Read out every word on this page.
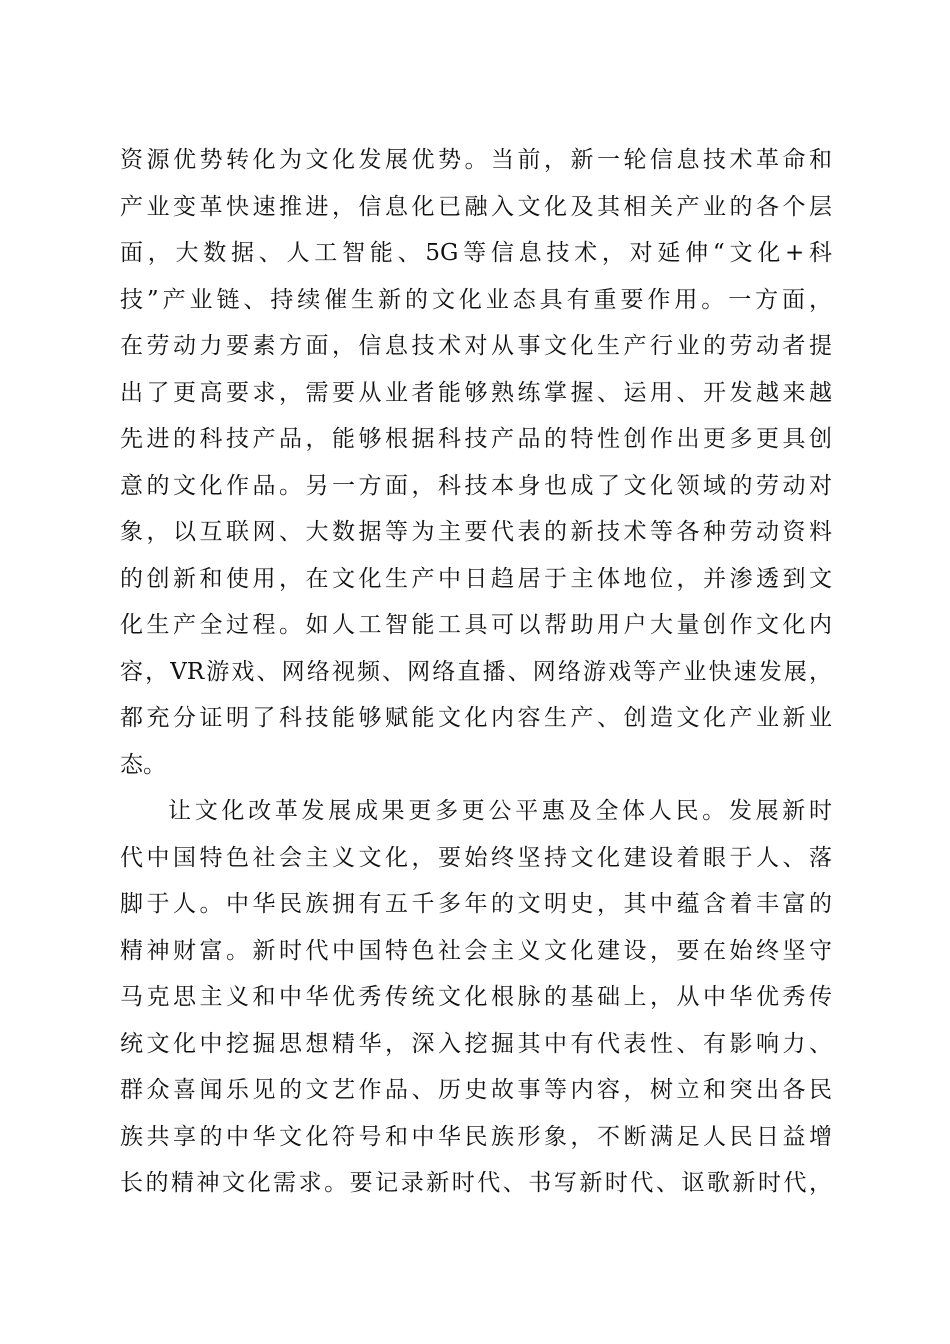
资源优势转化为文化发展优势。当前，新一轮信息技术革命和
产业变革快速推进，信息化已融入文化及其相关产业的各个层
面，大数据、人工智能、5G等信息技术，对延伸“文化+科
技”产业链、持续催生新的文化业态具有重要作用。一方面，
在劳动力要素方面，信息技术对从事文化生产行业的劳动者提
出了更高要求，需要从业者能够熟练掌握、运用、开发越来越
先进的科技产品，能够根据科技产品的特性创作出更多更具创
意的文化作品。另一方面，科技本身也成了文化领域的劳动对
象，以互联网、大数据等为主要代表的新技术等各种劳动资料
的创新和使用，在文化生产中日趋居于主体地位，并渗透到文
化生产全过程。如人工智能工具可以帮助用户大量创作文化内
容，VR游戏、网络视频、网络直播、网络游戏等产业快速发展，
都充分证明了科技能够赋能文化内容生产、创造文化产业新业
态。
让文化改革发展成果更多更公平惠及全体人民。发展新时
代中国特色社会主义文化，要始终坚持文化建设着眼于人、落
脚于人。中华民族拥有五千多年的文明史，其中蕴含着丰富的
精神财富。新时代中国特色社会主义文化建设，要在始终坚守
马克思主义和中华优秀传统文化根脉的基础上，从中华优秀传
统文化中挖掘思想精华，深入挖掘其中有代表性、有影响力、
群众喜闻乐见的文艺作品、历史故事等内容，树立和突出各民
族共享的中华文化符号和中华民族形象，不断满足人民日益增
长的精神文化需求。要记录新时代、书写新时代、讴歌新时代，
